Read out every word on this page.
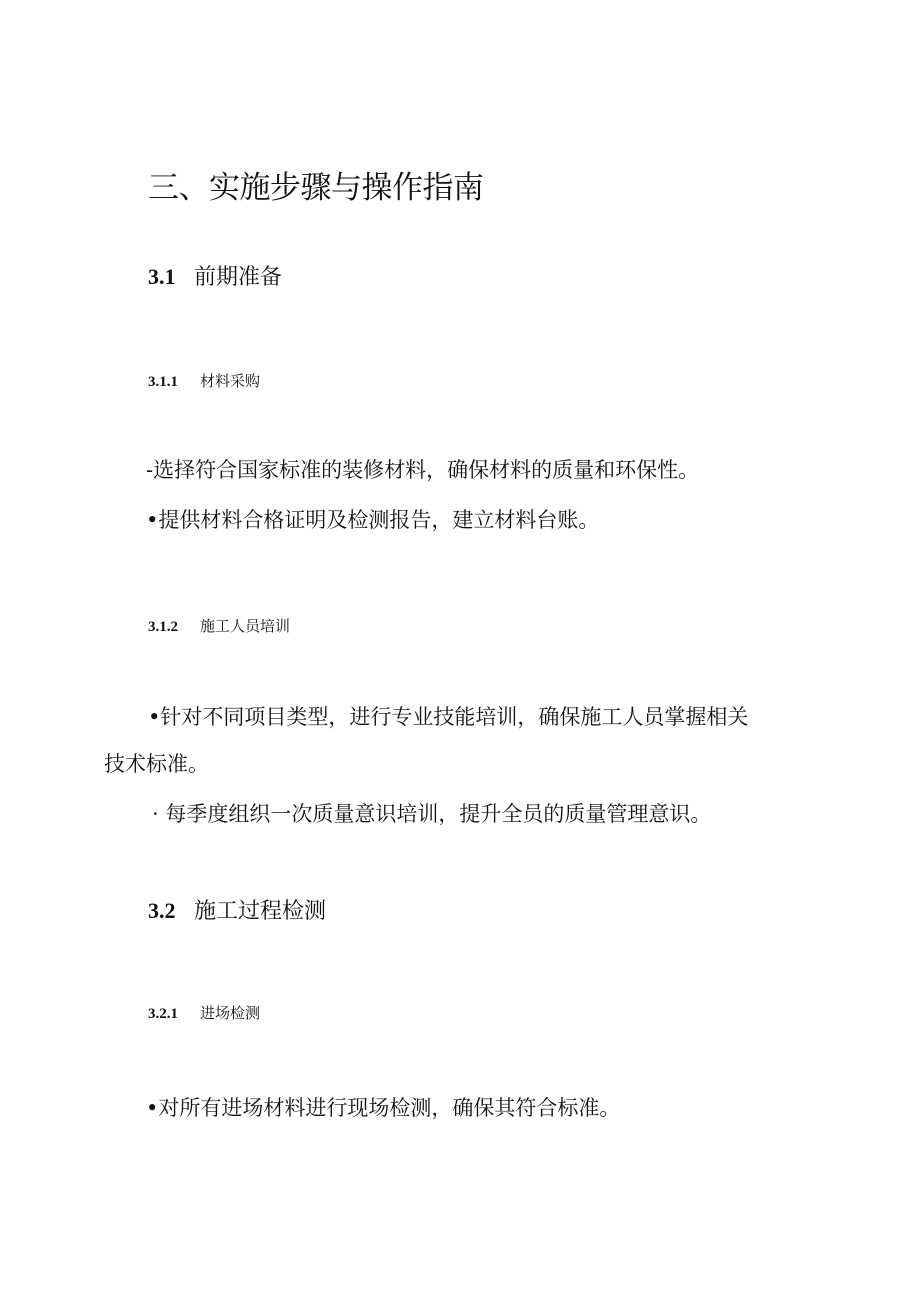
三、实施步骤与操作指南
3.1 前期准备
3.1.1 材料采购
-选择符合国家标准的装修材料，确保材料的质量和环保性。
•提供材料合格证明及检测报告，建立材料台账。
3.1.2 施工人员培训
•针对不同项目类型，进行专业技能培训，确保施工人员掌握相关
技术标准。
· 每季度组织一次质量意识培训，提升全员的质量管理意识。
3.2 施工过程检测
3.2.1 进场检测
•对所有进场材料进行现场检测，确保其符合标准。
